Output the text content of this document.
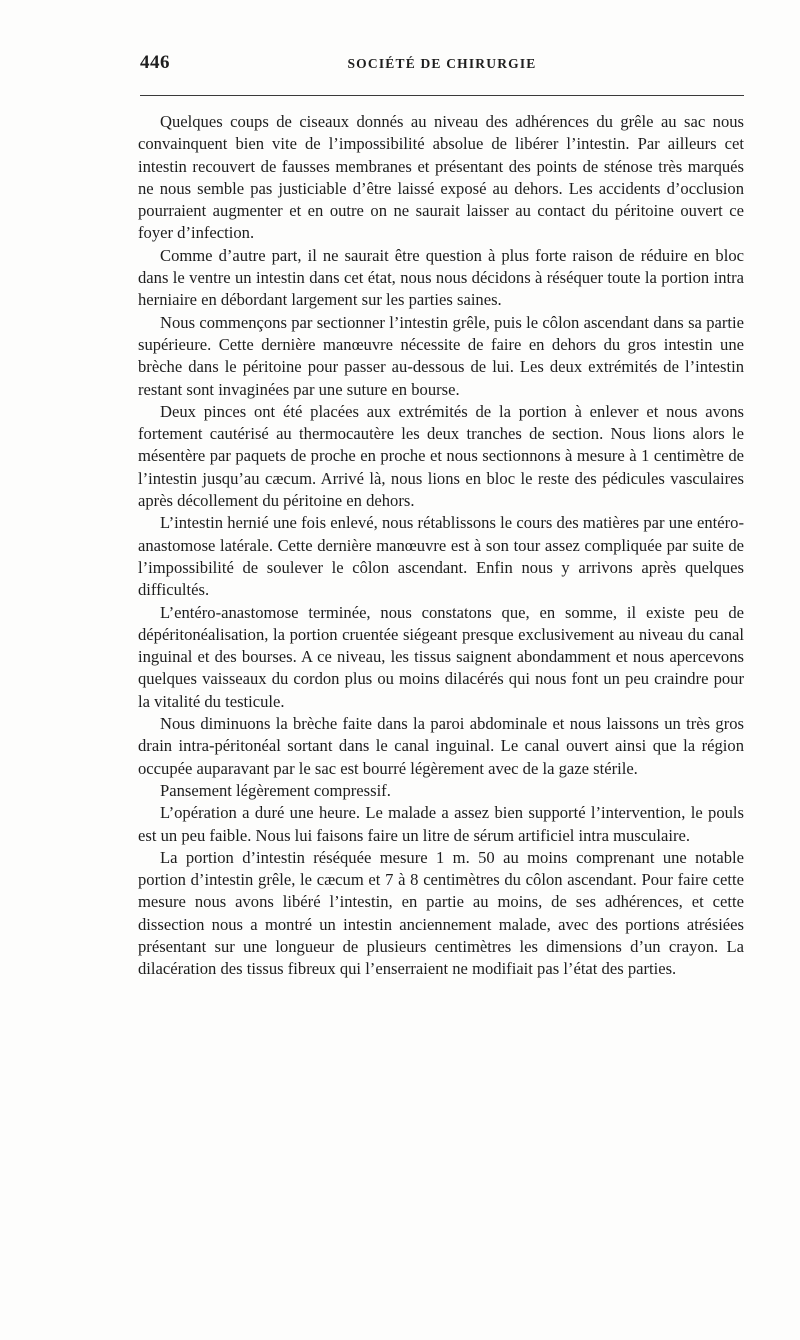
446	SOCIÉTÉ DE CHIRURGIE

Quelques coups de ciseaux donnés au niveau des adhérences du grêle au sac nous convainquent bien vite de l’impossibilité absolue de libérer l’intestin. Par ailleurs cet intestin recouvert de fausses membranes et présentant des points de sténose très marqués ne nous semble pas justiciable d’être laissé exposé au dehors. Les accidents d’occlusion pourraient augmenter et en outre on ne saurait laisser au contact du péritoine ouvert ce foyer d’infection.

Comme d’autre part, il ne saurait être question à plus forte raison de réduire en bloc dans le ventre un intestin dans cet état, nous nous décidons à réséquer toute la portion intra herniaire en débordant largement sur les parties saines.

Nous commençons par sectionner l’intestin grêle, puis le côlon ascendant dans sa partie supérieure. Cette dernière manœuvre nécessite de faire en dehors du gros intestin une brèche dans le péritoine pour passer au-dessous de lui. Les deux extrémités de l’intestin restant sont invaginées par une suture en bourse.

Deux pinces ont été placées aux extrémités de la portion à enlever et nous avons fortement cautérisé au thermocautère les deux tranches de section. Nous lions alors le mésentère par paquets de proche en proche et nous sectionnons à mesure à 1 centimètre de l’intestin jusqu’au cæcum. Arrivé là, nous lions en bloc le reste des pédicules vasculaires après décollement du péritoine en dehors.

L’intestin hernié une fois enlevé, nous rétablissons le cours des matières par une entéro-anastomose latérale. Cette dernière manœuvre est à son tour assez compliquée par suite de l’impossibilité de soulever le côlon ascendant. Enfin nous y arrivons après quelques difficultés.

L’entéro-anastomose terminée, nous constatons que, en somme, il existe peu de dépéritonéalisation, la portion cruentée siégeant presque exclusivement au niveau du canal inguinal et des bourses. A ce niveau, les tissus saignent abondamment et nous apercevons quelques vaisseaux du cordon plus ou moins dilacérés qui nous font un peu craindre pour la vitalité du testicule.

Nous diminuons la brèche faite dans la paroi abdominale et nous laissons un très gros drain intra-péritonéal sortant dans le canal inguinal. Le canal ouvert ainsi que la région occupée auparavant par le sac est bourré légèrement avec de la gaze stérile.

Pansement légèrement compressif.

L’opération a duré une heure. Le malade a assez bien supporté l’intervention, le pouls est un peu faible. Nous lui faisons faire un litre de sérum artificiel intra musculaire.

La portion d’intestin réséquée mesure 1 m. 50 au moins comprenant une notable portion d’intestin grêle, le cæcum et 7 à 8 centimètres du côlon ascendant. Pour faire cette mesure nous avons libéré l’intestin, en partie au moins, de ses adhérences, et cette dissection nous a montré un intestin anciennement malade, avec des portions atrésiées présentant sur une longueur de plusieurs centimètres les dimensions d’un crayon. La dilacération des tissus fibreux qui l’enserraient ne modifiait pas l’état des parties.
